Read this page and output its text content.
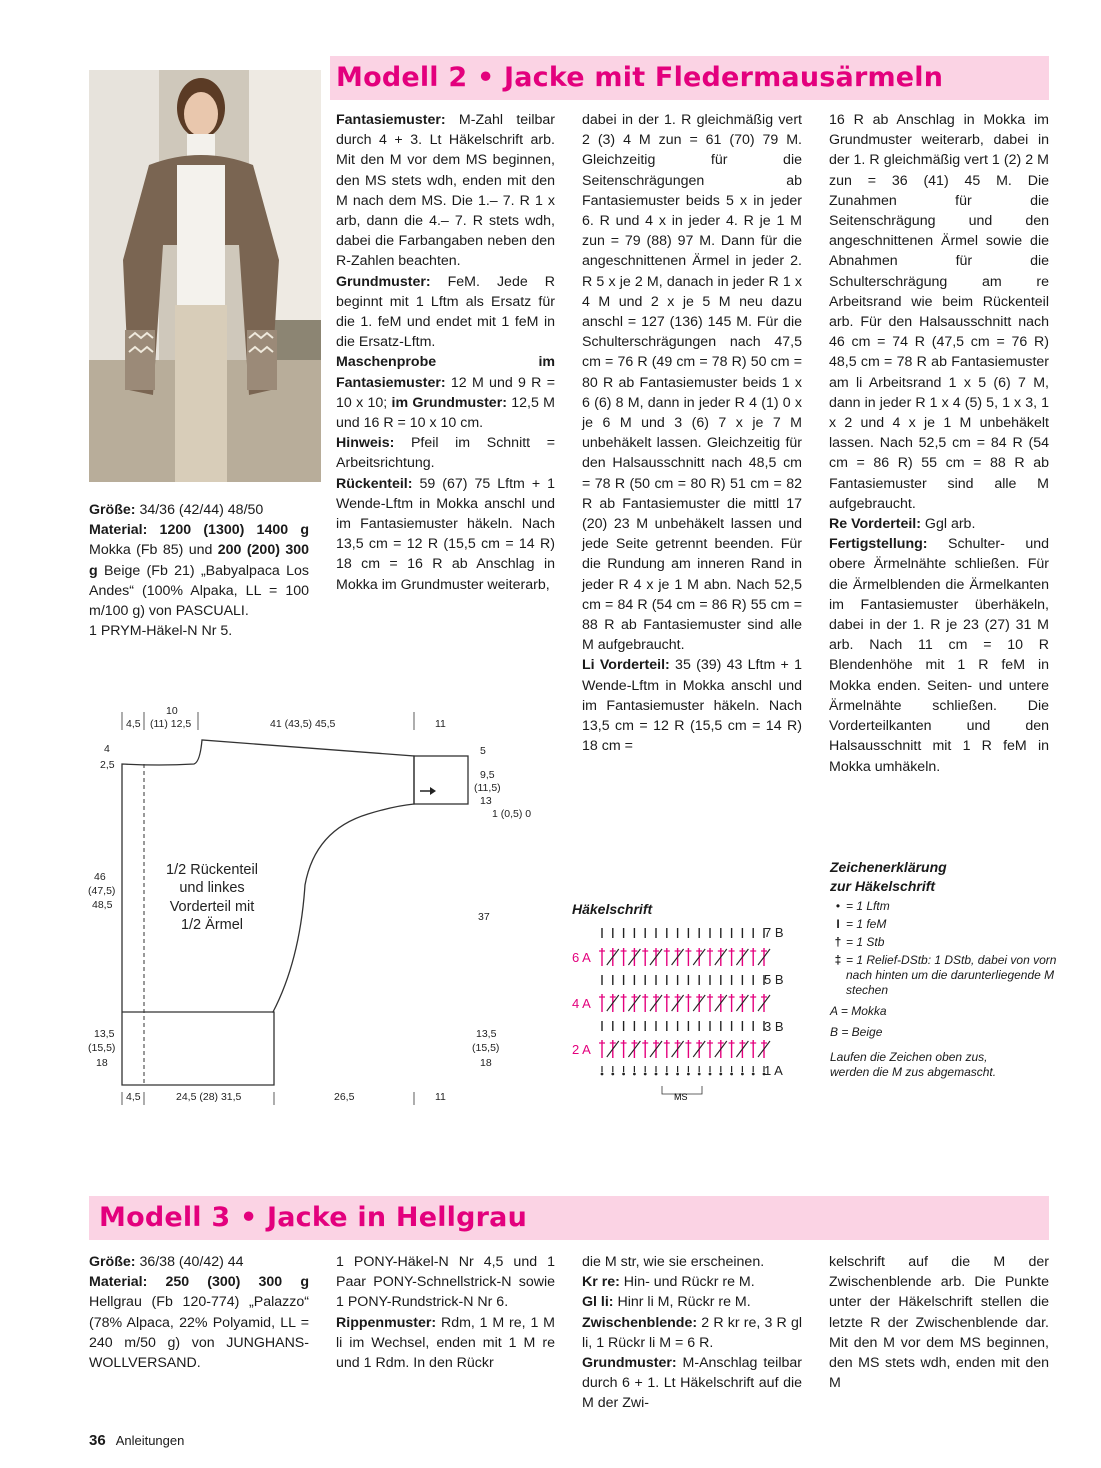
Modell 2 • Jacke mit Fledermausärmeln

Größe: 34/36 (42/44) 48/50

Material: 1200 (1300) 1400 g Mokka (Fb 85) und 200 (200) 300 g Beige (Fb 21) „Babyalpaca Los Andes“ (100% Alpaka, LL = 100 m/100 g) von PASCUALI.

1 PRYM-Häkel-N Nr 5.

Fantasiemuster: M-Zahl teilbar durch 4 + 3. Lt Häkelschrift arb. Mit den M vor dem MS beginnen, den MS stets wdh, enden mit den M nach dem MS. Die 1.– 7. R 1 x arb, dann die 4.– 7. R stets wdh, dabei die Farbangaben neben den R-Zahlen beachten.

Grundmuster: FeM. Jede R beginnt mit 1 Lftm als Ersatz für die 1. feM und endet mit 1 feM in die Ersatz-Lftm.

Maschenprobe im Fantasiemuster: 12 M und 9 R = 10 x 10; im Grundmuster: 12,5 M und 16 R = 10 x 10 cm.

Hinweis: Pfeil im Schnitt = Arbeitsrichtung.

Rückenteil: 59 (67) 75 Lftm + 1 Wende-Lftm in Mokka anschl und im Fantasiemuster häkeln. Nach 13,5 cm = 12 R (15,5 cm = 14 R) 18 cm = 16 R ab Anschlag in Mokka im Grundmuster weiterarb,

dabei in der 1. R gleichmäßig vert 2 (3) 4 M zun = 61 (70) 79 M. Gleichzeitig für die Seitenschrägungen ab Fantasiemuster beids 5 x in jeder 6. R und 4 x in jeder 4. R je 1 M zun = 79 (88) 97 M. Dann für die angeschnittenen Ärmel in jeder 2. R 5 x je 2 M, danach in jeder R 1 x 4 M und 2 x je 5 M neu dazu anschl = 127 (136) 145 M. Für die Schulterschrägungen nach 47,5 cm = 76 R (49 cm = 78 R) 50 cm = 80 R ab Fantasiemuster beids 1 x 6 (6) 8 M, dann in jeder R 4 (1) 0 x je 6 M und 3 (6) 7 x je 7 M unbehäkelt lassen. Gleichzeitig für den Halsausschnitt nach 48,5 cm = 78 R (50 cm = 80 R) 51 cm = 82 R ab Fantasiemuster die mittl 17 (20) 23 M unbehäkelt lassen und jede Seite getrennt beenden. Für die Rundung am inneren Rand in jeder R 4 x je 1 M abn. Nach 52,5 cm = 84 R (54 cm = 86 R) 55 cm = 88 R ab Fantasiemuster sind alle M aufgebraucht.

Li Vorderteil: 35 (39) 43 Lftm + 1 Wende-Lftm in Mokka anschl und im Fantasiemuster häkeln. Nach 13,5 cm = 12 R (15,5 cm = 14 R) 18 cm =

16 R ab Anschlag in Mokka im Grundmuster weiterarb, dabei in der 1. R gleichmäßig vert 1 (2) 2 M zun = 36 (41) 45 M. Die Zunahmen für die Seitenschrägung und den angeschnittenen Ärmel sowie die Abnahmen für die Schulterschrägung am re Arbeitsrand wie beim Rückenteil arb. Für den Halsausschnitt nach 46 cm = 74 R (47,5 cm = 76 R) 48,5 cm = 78 R ab Fantasiemuster am li Arbeitsrand 1 x 5 (6) 7 M, dann in jeder R 1 x 4 (5) 5, 1 x 3, 1 x 2 und 4 x je 1 M unbehäkelt lassen. Nach 52,5 cm = 84 R (54 cm = 86 R) 55 cm = 88 R ab Fantasiemuster sind alle M aufgebraucht.

Re Vorderteil: Ggl arb.

Fertigstellung: Schulter- und obere Ärmelnähte schließen. Für die Ärmelblenden die Ärmelkanten im Fantasiemuster überhäkeln, dabei in der 1. R je 23 (27) 31 M arb. Nach 11 cm = 10 R Blendenhöhe mit 1 R feM in Mokka enden. Seiten- und untere Ärmelnähte schließen. Die Vorderteilkanten und den Halsausschnitt mit 1 R feM in Mokka umhäkeln.

4,5
10
(11) 12,5	41 (43,5) 45,5	11
4
2,5
5
9,5
(11,5)
13
1 (0,5) 0
46
(47,5)
48,5
1/2 Rückenteil
und linkes
Vorderteil mit
1/2 Ärmel	37
13,5
(15,5)
18
13,5
(15,5)
18
4,5	24,5 (28) 31,5	26,5	11
Häkelschrift
7 B
6 A
5 B
4 A
3 B
2 A
1 A
MS
Zeichenerklärung
zur Häkelschrift
• = 1 Lftm
I = 1 feM
† = 1 Stb
‡ = 1 Relief-DStb: 1 DStb, dabei von vorn nach hinten um die darunterliegende M stechen
A = Mokka
B = Beige
Laufen die Zeichen oben zus, werden die M zus abgemascht.
Modell 3 • Jacke in Hellgrau

Größe: 36/38 (40/42) 44

Material: 250 (300) 300 g Hellgrau (Fb 120-774) „Palazzo“ (78% Alpaca, 22% Polyamid, LL = 240 m/50 g) von JUNGHANS-WOLLVERSAND.

1 PONY-Häkel-N Nr 4,5 und 1 Paar PONY-Schnellstrick-N sowie 1 PONY-Rundstrick-N Nr 6.

Rippenmuster: Rdm, 1 M re, 1 M li im Wechsel, enden mit 1 M re und 1 Rdm. In den Rückr

die M str, wie sie erscheinen.

Kr re: Hin- und Rückr re M.

Gl li: Hinr li M, Rückr re M.

Zwischenblende: 2 R kr re, 3 R gl li, 1 Rückr li M = 6 R.

Grundmuster: M-Anschlag teilbar durch 6 + 1. Lt Häkelschrift auf die M der Zwi-

kelschrift auf die M der Zwischenblende arb. Die Punkte unter der Häkelschrift stellen die letzte R der Zwischenblende dar. Mit den M vor dem MS beginnen, den MS stets wdh, enden mit den M

36 Anleitungen
